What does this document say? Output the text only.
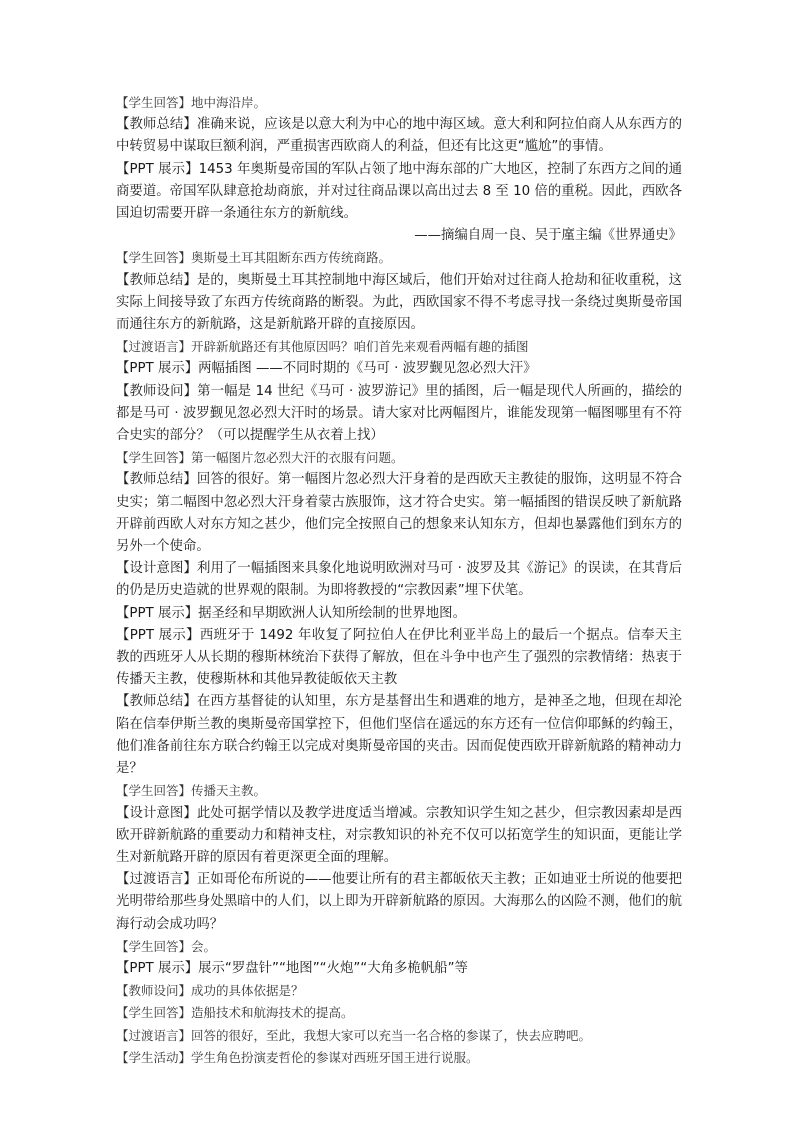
【学生回答】地中海沿岸。

【教师总结】准确来说，应该是以意大利为中心的地中海区域。意大利和阿拉伯商人从东西方的中转贸易中谋取巨额利润，严重损害西欧商人的利益，但还有比这更“尴尬”的事情。

【PPT 展示】1453 年奥斯曼帝国的军队占领了地中海东部的广大地区，控制了东西方之间的通商要道。帝国军队肆意抢劫商旅，并对过往商品课以高出过去 8 至 10 倍的重税。因此，西欧各国迫切需要开辟一条通往东方的新航线。

——摘编自周一良、吴于廑主编《世界通史》

【学生回答】奥斯曼土耳其阻断东西方传统商路。

【教师总结】是的，奥斯曼土耳其控制地中海区域后，他们开始对过往商人抢劫和征收重税，这实际上间接导致了东西方传统商路的断裂。为此，西欧国家不得不考虑寻找一条绕过奥斯曼帝国而通往东方的新航路，这是新航路开辟的直接原因。

【过渡语言】开辟新航路还有其他原因吗？咱们首先来观看两幅有趣的插图

【PPT 展示】两幅插图 ——不同时期的《马可 · 波罗觐见忽必烈大汗》

【教师设问】第一幅是 14 世纪《马可 · 波罗游记》里的插图，后一幅是现代人所画的，描绘的都是马可 · 波罗觐见忽必烈大汗时的场景。请大家对比两幅图片，谁能发现第一幅图哪里有不符合史实的部分？（可以提醒学生从衣着上找）

【学生回答】第一幅图片忽必烈大汗的衣服有问题。

【教师总结】回答的很好。第一幅图片忽必烈大汗身着的是西欧天主教徒的服饰，这明显不符合史实；第二幅图中忽必烈大汗身着蒙古族服饰，这才符合史实。第一幅插图的错误反映了新航路开辟前西欧人对东方知之甚少，他们完全按照自己的想象来认知东方，但却也暴露他们到东方的另外一个使命。

【设计意图】利用了一幅插图来具象化地说明欧洲对马可 · 波罗及其《游记》的误读，在其背后的仍是历史造就的世界观的限制。为即将教授的“宗教因素”埋下伏笔。

【PPT 展示】据圣经和早期欧洲人认知所绘制的世界地图。

【PPT 展示】西班牙于 1492 年收复了阿拉伯人在伊比利亚半岛上的最后一个据点。信奉天主教的西班牙人从长期的穆斯林统治下获得了解放，但在斗争中也产生了强烈的宗教情绪：热衷于传播天主教，使穆斯林和其他异教徒皈依天主教

【教师总结】在西方基督徒的认知里，东方是基督出生和遇难的地方，是神圣之地，但现在却沦陷在信奉伊斯兰教的奥斯曼帝国掌控下，但他们坚信在遥远的东方还有一位信仰耶稣的约翰王，他们准备前往东方联合约翰王以完成对奥斯曼帝国的夹击。因而促使西欧开辟新航路的精神动力是？

【学生回答】传播天主教。

【设计意图】此处可据学情以及教学进度适当增减。宗教知识学生知之甚少，但宗教因素却是西欧开辟新航路的重要动力和精神支柱，对宗教知识的补充不仅可以拓宽学生的知识面，更能让学生对新航路开辟的原因有着更深更全面的理解。

【过渡语言】正如哥伦布所说的——他要让所有的君主都皈依天主教；正如迪亚士所说的他要把光明带给那些身处黑暗中的人们，以上即为开辟新航路的原因。大海那么的凶险不测，他们的航海行动会成功吗？

【学生回答】会。

【PPT 展示】展示“罗盘针”“地图”“火炮”“大角多桅帆船”等

【教师设问】成功的具体依据是？

【学生回答】造船技术和航海技术的提高。

【过渡语言】回答的很好，至此，我想大家可以充当一名合格的参谋了，快去应聘吧。

【学生活动】学生角色扮演麦哲伦的参谋对西班牙国王进行说服。
